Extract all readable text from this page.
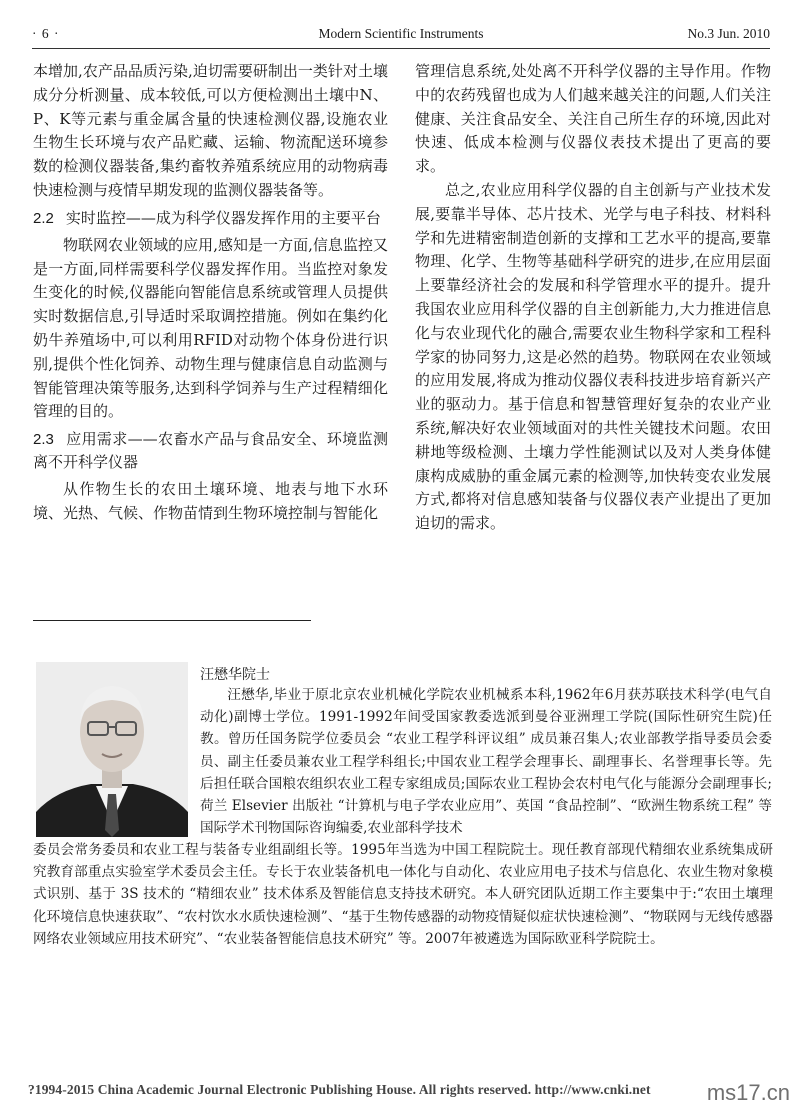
· 6 ·	Modern Scientific Instruments	No.3 Jun. 2010

本增加,农产品品质污染,迫切需要研制出一类针对土壤成分分析测量、成本较低,可以方便检测出土壤中N、P、K等元素与重金属含量的快速检测仪器,设施农业生物生长环境与农产品贮藏、运输、物流配送环境参数的检测仪器装备,集约畜牧养殖系统应用的动物病毒快速检测与疫情早期发现的监测仪器装备等。

2.2 实时监控——成为科学仪器发挥作用的主要平台

物联网农业领域的应用,感知是一方面,信息监控又是一方面,同样需要科学仪器发挥作用。当监控对象发生变化的时候,仪器能向智能信息系统或管理人员提供实时数据信息,引导适时采取调控措施。例如在集约化奶牛养殖场中,可以利用RFID对动物个体身份进行识别,提供个性化饲养、动物生理与健康信息自动监测与智能管理决策等服务,达到科学饲养与生产过程精细化管理的目的。

2.3 应用需求——农畜水产品与食品安全、环境监测离不开科学仪器

从作物生长的农田土壤环境、地表与地下水环境、光热、气候、作物苗情到生物环境控制与智能化

管理信息系统,处处离不开科学仪器的主导作用。作物中的农药残留也成为人们越来越关注的问题,人们关注健康、关注食品安全、关注自己所生存的环境,因此对快速、低成本检测与仪器仪表技术提出了更高的要求。

总之,农业应用科学仪器的自主创新与产业技术发展,要靠半导体、芯片技术、光学与电子科技、材料科学和先进精密制造创新的支撑和工艺水平的提高,要靠物理、化学、生物等基础科学研究的进步,在应用层面上要靠经济社会的发展和科学管理水平的提升。提升我国农业应用科学仪器的自主创新能力,大力推进信息化与农业现代化的融合,需要农业生物科学家和工程科学家的协同努力,这是必然的趋势。物联网在农业领域的应用发展,将成为推动仪器仪表科技进步培育新兴产业的驱动力。基于信息和智慧管理好复杂的农业产业系统,解决好农业领域面对的共性关键技术问题。农田耕地等级检测、土壤力学性能测试以及对人类身体健康构成威胁的重金属元素的检测等,加快转变农业发展方式,都将对信息感知装备与仪器仪表产业提出了更加迫切的需求。

汪懋华院士
汪懋华,毕业于原北京农业机械化学院农业机械系本科,1962年6月获苏联技术科学(电气自动化)副博士学位。1991-1992年间受国家教委选派到曼谷亚洲理工学院(国际性研究生院)任教。曾历任国务院学位委员会 “农业工程学科评议组” 成员兼召集人;农业部教学指导委员会委员、副主任委员兼农业工程学科组长;中国农业工程学会理事长、副理事长、名誉理事长等。先后担任联合国粮农组织农业工程专家组成员;国际农业工程协会农村电气化与能源分会副理事长;荷兰 Elsevier 出版社 “计算机与电子学农业应用”、英国 “食品控制”、“欧洲生物系统工程” 等国际学术刊物国际咨询编委,农业部科学技术
委员会常务委员和农业工程与装备专业组副组长等。1995年当选为中国工程院院士。现任教育部现代精细农业系统集成研究教育部重点实验室学术委员会主任。专长于农业装备机电一体化与自动化、农业应用电子技术与信息化、农业生物对象模式识别、基于 3S 技术的 “精细农业” 技术体系及智能信息支持技术研究。本人研究团队近期工作主要集中于:“农田土壤理化环境信息快速获取”、“农村饮水水质快速检测”、“基于生物传感器的动物疫情疑似症状快速检测”、“物联网与无线传感器网络农业领域应用技术研究”、“农业装备智能信息技术研究” 等。2007年被遴选为国际欧亚科学院院士。
?1994-2015 China Academic Journal Electronic Publishing House. All rights reserved. http://www.cnki.net	ms17.cn
